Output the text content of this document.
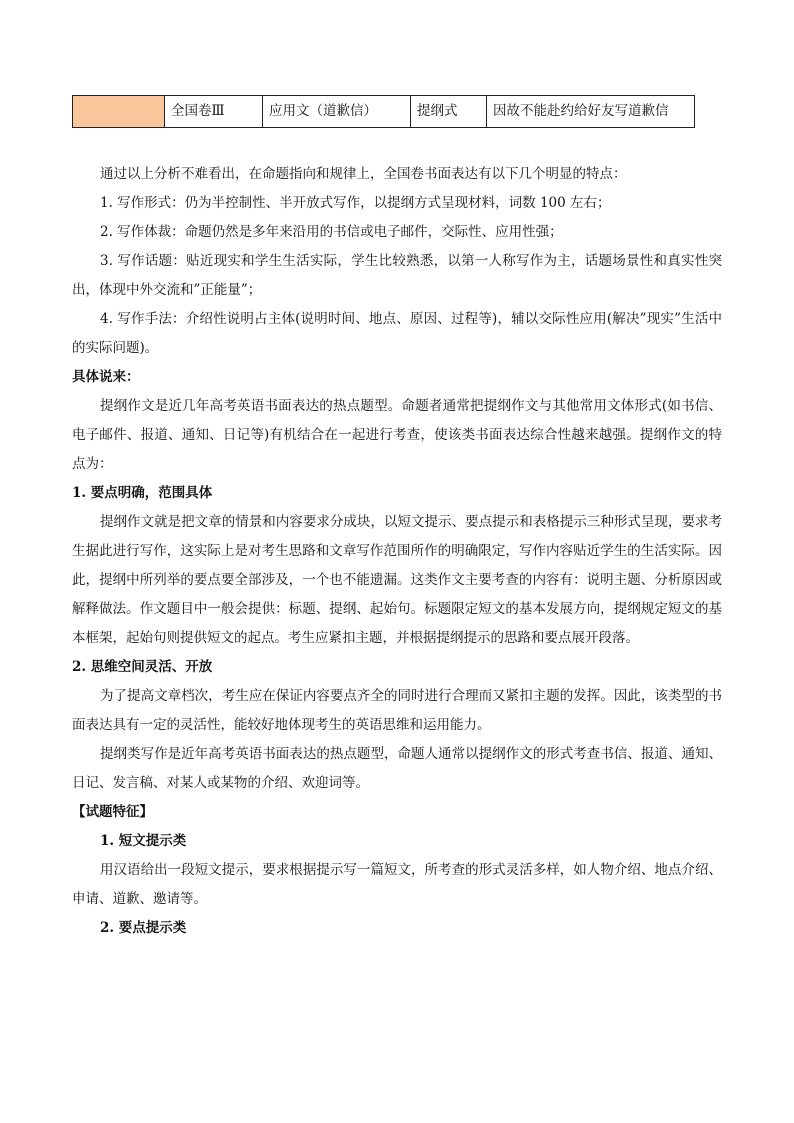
	全国卷Ⅲ	应用文（道歉信）	提纲式	因故不能赴约给好友写道歉信

通过以上分析不难看出，在命题指向和规律上，全国卷书面表达有以下几个明显的特点：

1. 写作形式：仍为半控制性、半开放式写作，以提纲方式呈现材料，词数 100 左右；

2. 写作体裁：命题仍然是多年来沿用的书信或电子邮件，交际性、应用性强；

3. 写作话题：贴近现实和学生生活实际，学生比较熟悉，以第一人称写作为主，话题场景性和真实性突出，体现中外交流和”正能量”；

4. 写作手法：介绍性说明占主体(说明时间、地点、原因、过程等)，辅以交际性应用(解决”现实”生活中的实际问题)。

具体说来：

提纲作文是近几年高考英语书面表达的热点题型。命题者通常把提纲作文与其他常用文体形式(如书信、电子邮件、报道、通知、日记等)有机结合在一起进行考查，使该类书面表达综合性越来越强。提纲作文的特点为：

1. 要点明确，范围具体

提纲作文就是把文章的情景和内容要求分成块，以短文提示、要点提示和表格提示三种形式呈现，要求考生据此进行写作，这实际上是对考生思路和文章写作范围所作的明确限定，写作内容贴近学生的生活实际。因此，提纲中所列举的要点要全部涉及，一个也不能遗漏。这类作文主要考查的内容有：说明主题、分析原因或解释做法。作文题目中一般会提供：标题、提纲、起始句。标题限定短文的基本发展方向，提纲规定短文的基本框架，起始句则提供短文的起点。考生应紧扣主题，并根据提纲提示的思路和要点展开段落。

2. 思维空间灵活、开放

为了提高文章档次，考生应在保证内容要点齐全的同时进行合理而又紧扣主题的发挥。因此，该类型的书面表达具有一定的灵活性，能较好地体现考生的英语思维和运用能力。

提纲类写作是近年高考英语书面表达的热点题型，命题人通常以提纲作文的形式考查书信、报道、通知、日记、发言稿、对某人或某物的介绍、欢迎词等。

【试题特征】

1. 短文提示类

用汉语给出一段短文提示，要求根据提示写一篇短文，所考查的形式灵活多样，如人物介绍、地点介绍、申请、道歉、邀请等。

2. 要点提示类
